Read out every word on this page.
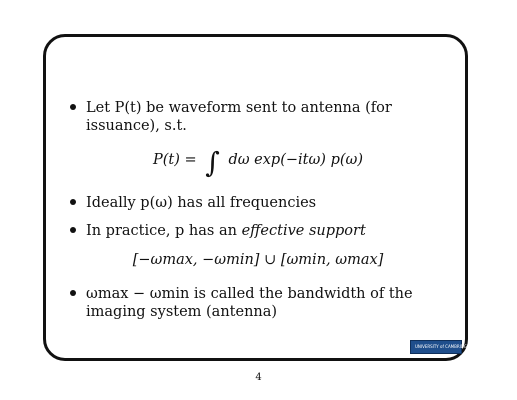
Let P(t) be waveform sent to antenna (for issuance), s.t.
P(t) = ∫ dω exp(−itω) p(ω)
Ideally p(ω) has all frequencies
In practice, p has an effective support
[−ωmax, −ωmin] ∪ [ωmin, ωmax]
ωmax − ωmin is called the bandwidth of the imaging system (antenna)
UNIVERSITY of CAMBRIDGE
4
